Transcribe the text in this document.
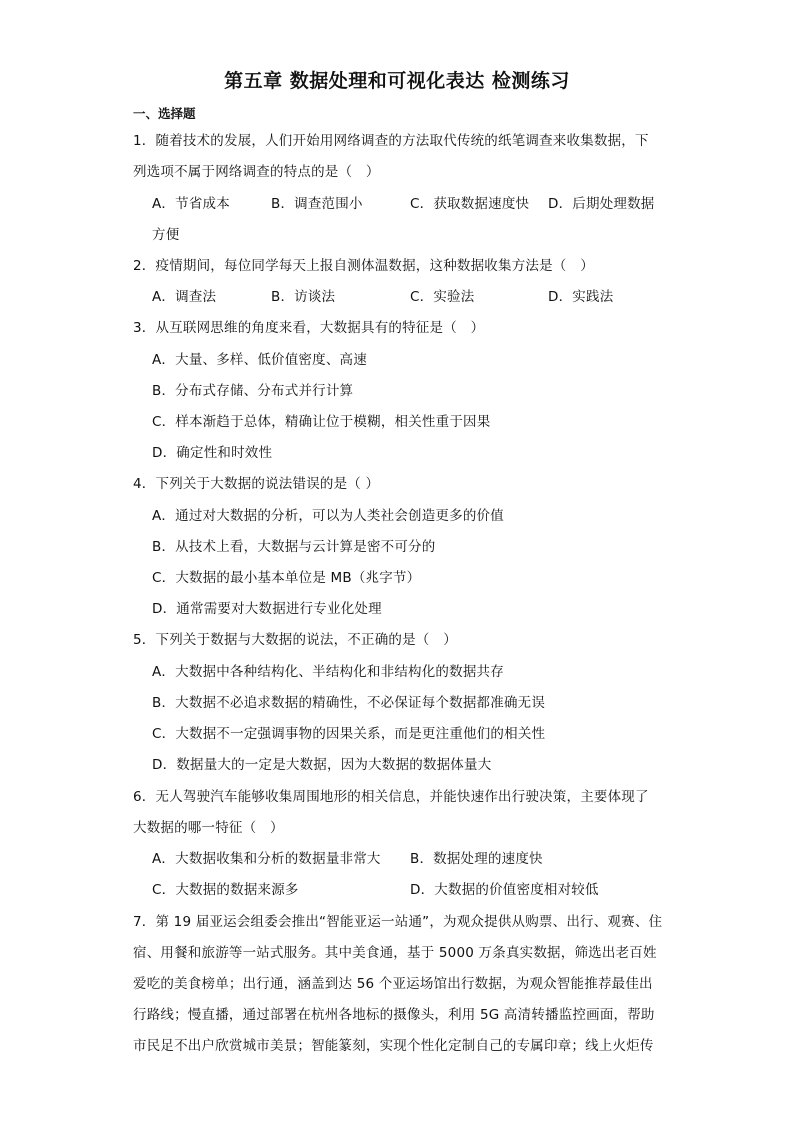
第五章 数据处理和可视化表达 检测练习
一、选择题
1．随着技术的发展，人们开始用网络调查的方法取代传统的纸笔调查来收集数据，下
列选项不属于网络调查的特点的是（　）
A．节省成本	B．调查范围小	C．获取数据速度快 D．后期处理数据
方便
2．疫情期间，每位同学每天上报自测体温数据，这种数据收集方法是（　）
A．调查法	B．访谈法	C．实验法	D．实践法
3．从互联网思维的角度来看，大数据具有的特征是（　）
A．大量、多样、低价值密度、高速
B．分布式存储、分布式并行计算
C．样本渐趋于总体，精确让位于模糊，相关性重于因果
D．确定性和时效性
4．下列关于大数据的说法错误的是（ ）
A．通过对大数据的分析，可以为人类社会创造更多的价值
B．从技术上看，大数据与云计算是密不可分的
C．大数据的最小基本单位是 MB（兆字节）
D．通常需要对大数据进行专业化处理
5．下列关于数据与大数据的说法，不正确的是（　）
A．大数据中各种结构化、半结构化和非结构化的数据共存
B．大数据不必追求数据的精确性，不必保证每个数据都准确无误
C．大数据不一定强调事物的因果关系，而是更注重他们的相关性
D．数据量大的一定是大数据，因为大数据的数据体量大
6．无人驾驶汽车能够收集周围地形的相关信息，并能快速作出行驶决策，主要体现了
大数据的哪一特征（　）
A．大数据收集和分析的数据量非常大 B．数据处理的速度快
C．大数据的数据来源多	D．大数据的价值密度相对较低
7．第 19 届亚运会组委会推出“智能亚运一站通”，为观众提供从购票、出行、观赛、住
宿、用餐和旅游等一站式服务。其中美食通，基于 5000 万条真实数据，筛选出老百姓
爱吃的美食榜单；出行通，涵盖到达 56 个亚运场馆出行数据，为观众智能推荐最佳出
行路线；慢直播，通过部署在杭州各地标的摄像头，利用 5G 高清转播监控画面，帮助
市民足不出户欣赏城市美景；智能篆刻，实现个性化定制自己的专属印章；线上火炬传
